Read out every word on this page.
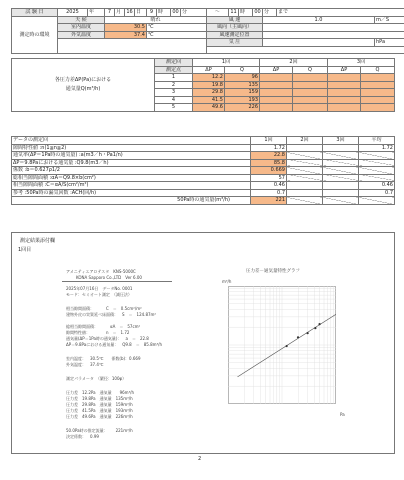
試 験 日	2025	年	7	月	16	日	9	時	00	分	～	11	時	00	分	まで	
測定時の環境	天 候		晴れ								風 速				1.0		m／S
	室内温度		30.5				℃				風向（主風向）						
	外気温度		37.4				℃				風速測定位置						
											気 圧						hPa

各圧力差ΔP(Pa)における
通気量Q(m³/h)	測定回	1回		2回		3回	
	測定点	ΔP	Q	ΔP	Q	ΔP	Q
	1	12.2	96				
	2	19.8	135				
	3	29.8	159				
	4	41.5	193				
	5	49.6	226				
データの測定回	1回	2回	3回	平均
隙間特性値 :n(1≦n≦2)	1.72			1.72
通気率(ΔP＝1Pa時の通気量) :a(m3／h・Pa1/n)	22.8			
ΔP＝9.8Paにおける通気量 :Q9.8(m3／h)	85.8			
係数 :b＝0.627ρ1/2	0.669			
総相当隙間面積 :αA＝Q9.8×b(cm²)	57			
相当隙間面積 :C＝αA/S(cm²/m²)	0.46			0.46
参考 :50Pa時の漏気回数 :ACH(回/h)	0.7			0.7
50Pa時の通気量(m³/h)	221			
測定結果添付欄
1回目
アメニティエアロテスタ　KNS-5000C
KONA Sapporo Co.,LTD　Ver 6.00
2025年07月16日　データNo. 0001
モード：セミオート測定　（減圧法）
相当隙間面積：　　　C　＝　0.5cm²/m²
建物外皮の実質延べ床面積：　S　＝　124.87m²
総相当隙間面積：　　　αA　＝　57cm²
隙間特性値：　　　　n　＝　1.72
通気量(ΔP＝1Pa時の通気量)：　a　＝　22.8
ΔP＝9.8Paにおける通気量：　Q9.8　＝　85.8m³/h
室内温度：　30.5℃　　係数(b)：0.669
外気温度：　37.4℃
測定パラメータ　（繁径：100φ）
圧力差　12.2Pa　通気量　　96m³/h
圧力差　19.8Pa　通気量　135m³/h
圧力差　29.8Pa　通気量　159m³/h
圧力差　41.5Pa　通気量　193m³/h
圧力差　49.6Pa　通気量　226m³/h
50.0Pa時の推定流量：　　221m³/h
決定係数：　0.99
圧力差－通気量特性グラフ
m³/h
Pa
2
